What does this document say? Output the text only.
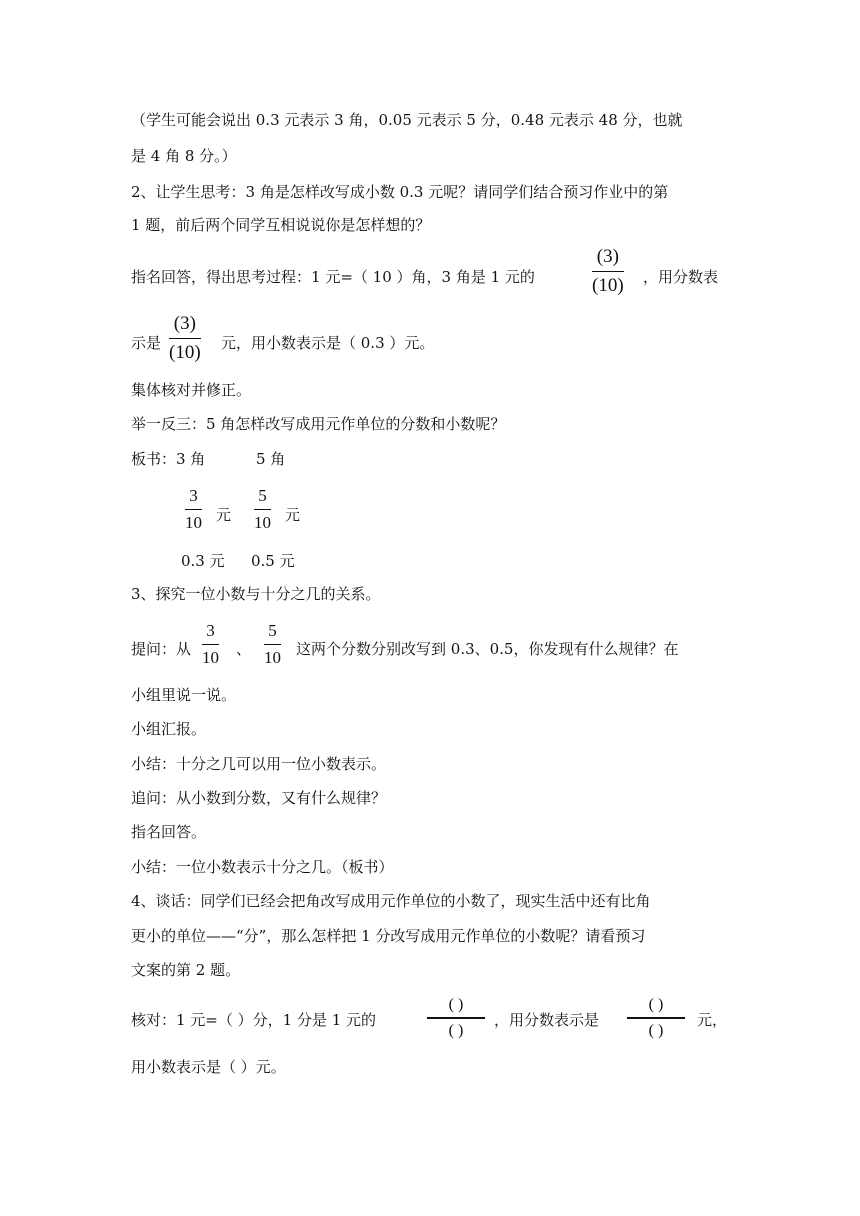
（学生可能会说出 0.3 元表示 3 角，0.05 元表示 5 分，0.48 元表示 48 分，也就
是 4 角 8 分。）
2、让学生思考：3 角是怎样改写成小数 0.3 元呢？请同学们结合预习作业中的第
1 题，前后两个同学互相说说你是怎样想的？
指名回答，得出思考过程：1 元=（ 10 ）角，3 角是 1 元的
(3)
(10) ，用分数表
示是
(3)
(10) 元，用小数表示是（ 0.3 ）元。
集体核对并修正。
举一反三：5 角怎样改写成用元作单位的分数和小数呢？
板书：3 角	5 角
3
10 元
5
10 元
0.3 元 0.5 元
3、探究一位小数与十分之几的关系。
提问：从
3
10 、
5
10 这两个分数分别改写到 0.3、0.5，你发现有什么规律？在
小组里说一说。
小组汇报。
小结：十分之几可以用一位小数表示。
追问：从小数到分数，又有什么规律？
指名回答。
小结：一位小数表示十分之几。（板书）
4、谈话：同学们已经会把角改写成用元作单位的小数了，现实生活中还有比角
更小的单位——“分”，那么怎样把 1 分改写成用元作单位的小数呢？请看预习
文案的第 2 题。
核对：1 元=（ ）分，1 分是 1 元的
( )
( )
，用分数表示是
( )
( )
元，
用小数表示是（ ）元。
